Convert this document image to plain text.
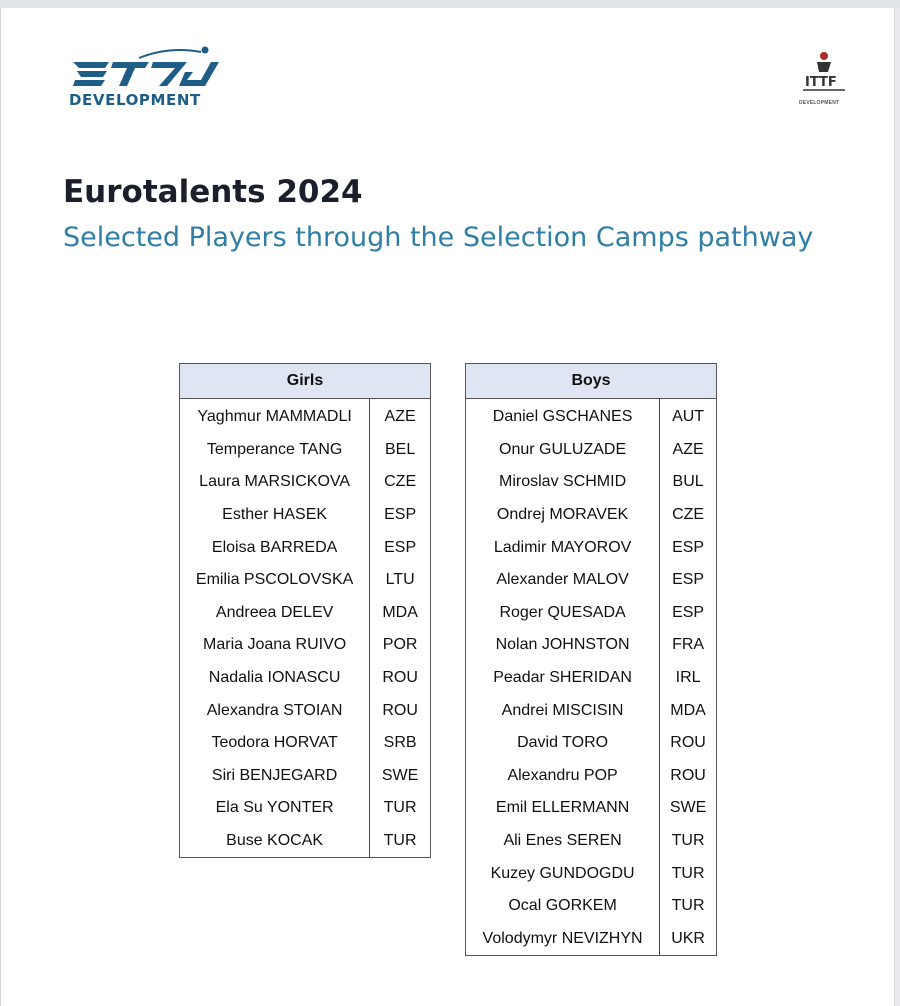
DEVELOPMENT
ITTF
DEVELOPMENT
Eurotalents 2024

Selected Players through the Selection Camps pathway

Girls	
Yaghmur MAMMADLI	AZE
Temperance TANG	BEL
Laura MARSICKOVA	CZE
Esther HASEK	ESP
Eloisa BARREDA	ESP
Emilia PSCOLOVSKA	LTU
Andreea DELEV	MDA
Maria Joana RUIVO	POR
Nadalia IONASCU	ROU
Alexandra STOIAN	ROU
Teodora HORVAT	SRB
Siri BENJEGARD	SWE
Ela Su YONTER	TUR
Buse KOCAK	TUR
Boys	
Daniel GSCHANES	AUT
Onur GULUZADE	AZE
Miroslav SCHMID	BUL
Ondrej MORAVEK	CZE
Ladimir MAYOROV	ESP
Alexander MALOV	ESP
Roger QUESADA	ESP
Nolan JOHNSTON	FRA
Peadar SHERIDAN	IRL
Andrei MISCISIN	MDA
David TORO	ROU
Alexandru POP	ROU
Emil ELLERMANN	SWE
Ali Enes SEREN	TUR
Kuzey GUNDOGDU	TUR
Ocal GORKEM	TUR
Volodymyr NEVIZHYN	UKR
